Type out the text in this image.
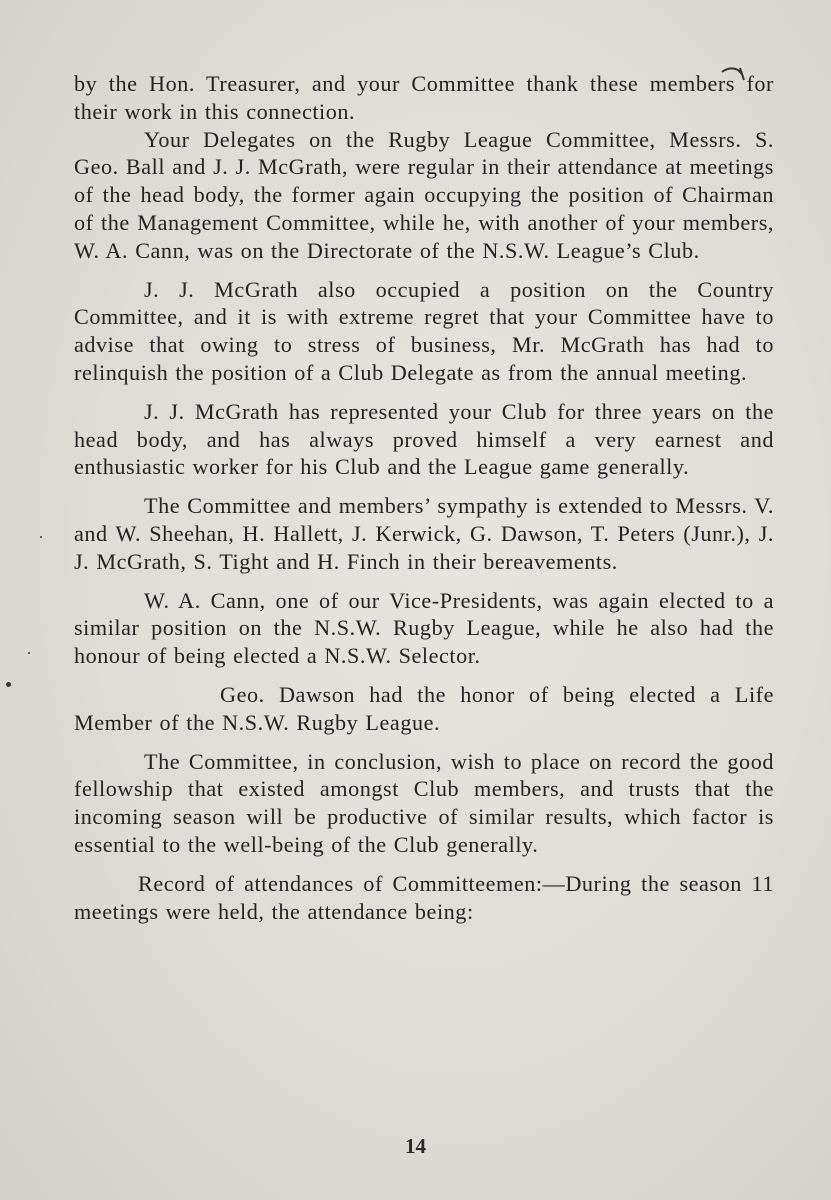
by the Hon. Treasurer, and your Committee thank these members for their work in this connection.

Your Delegates on the Rugby League Committee, Messrs. S. Geo. Ball and J. J. McGrath, were regular in their attendance at meetings of the head body, the former again occupying the position of Chairman of the Management Committee, while he, with another of your members, W. A. Cann, was on the Directorate of the N.S.W. League’s Club.

J. J. McGrath also occupied a position on the Country Committee, and it is with extreme regret that your Committee have to advise that owing to stress of business, Mr. McGrath has had to relinquish the position of a Club Delegate as from the annual meeting.

J. J. McGrath has represented your Club for three years on the head body, and has always proved himself a very earnest and enthusiastic worker for his Club and the League game generally.

The Committee and members’ sympathy is extended to Messrs. V. and W. Sheehan, H. Hallett, J. Kerwick, G. Dawson, T. Peters (Junr.), J. J. McGrath, S. Tight and H. Finch in their bereavements.

W. A. Cann, one of our Vice-Presidents, was again elected to a similar position on the N.S.W. Rugby League, while he also had the honour of being elected a N.S.W. Selector.

Geo. Dawson had the honor of being elected a Life Member of the N.S.W. Rugby League.

The Committee, in conclusion, wish to place on record the good fellowship that existed amongst Club members, and trusts that the incoming season will be productive of similar results, which factor is essential to the well-being of the Club generally.

Record of attendances of Committeemen:—During the season 11 meetings were held, the attendance being:

14
